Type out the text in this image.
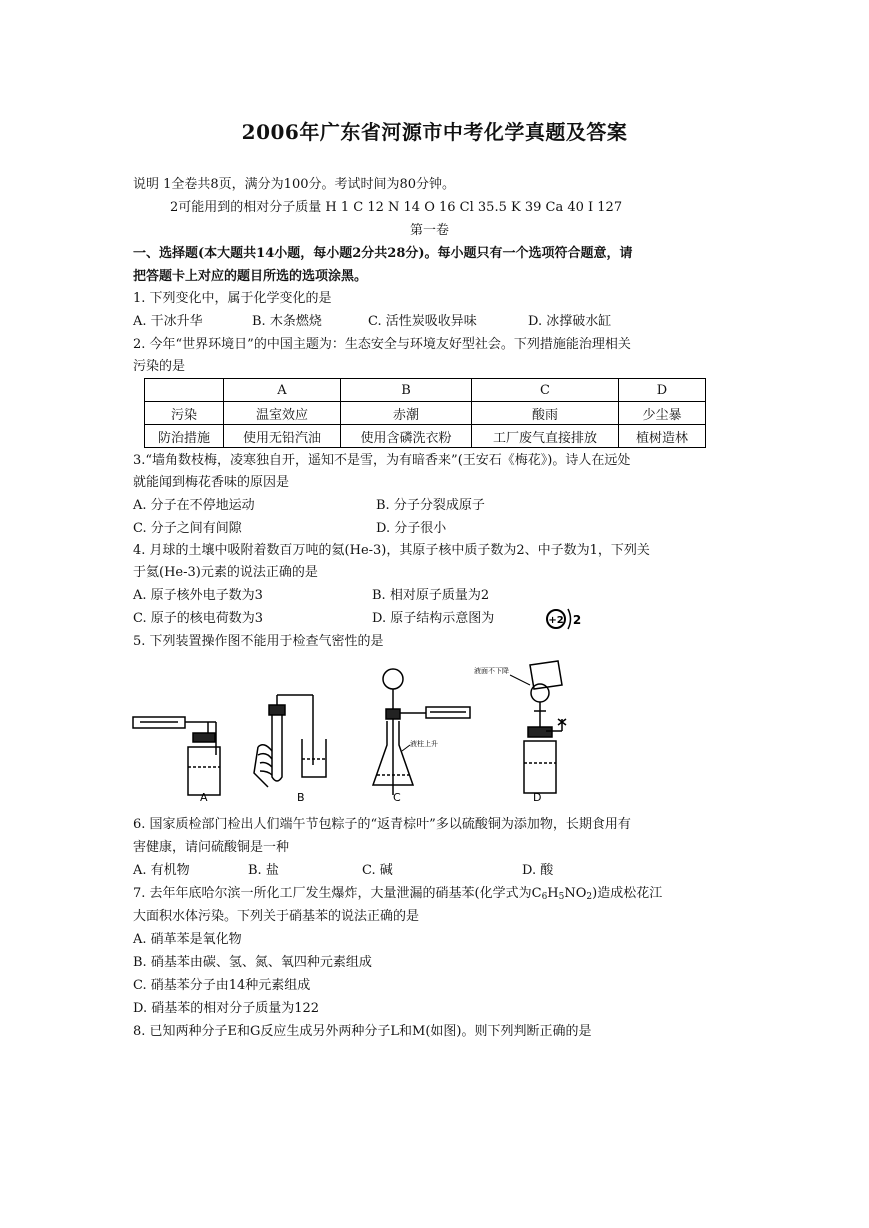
2006年广东省河源市中考化学真题及答案
说明 1全卷共8页，满分为100分。考试时间为80分钟。
2可能用到的相对分子质量 H 1 C 12 N 14 O 16 Cl 35.5 K 39 Ca 40 I 127
第一卷
一、选择题(本大题共14小题，每小题2分共28分)。每小题只有一个选项符合题意，请
把答题卡上对应的题目所选的选项涂黑。
1. 下列变化中，属于化学变化的是
A. 干冰升华	B. 木条燃烧	C. 活性炭吸收异味	D. 冰撑破水缸
2. 今年“世界环境日”的中国主题为：生态安全与环境友好型社会。下列措施能治理相关
污染的是
	A	B	C	D
污染	温室效应	赤潮	酸雨	少尘暴
防治措施	使用无铅汽油	使用含磷洗衣粉	工厂废气直接排放	植树造林
3.“墙角数枝梅，凌寒独自开，遥知不是雪，为有暗香来”(王安石《梅花》)。诗人在远处
就能闻到梅花香味的原因是
A. 分子在不停地运动	B. 分子分裂成原子
C. 分子之间有间隙	D. 分子很小
4. 月球的土壤中吸附着数百万吨的氦(He-3)，其原子核中质子数为2、中子数为1，下列关
于氦(He-3)元素的说法正确的是
A. 原子核外电子数为3	B. 相对原子质量为2
C. 原子的核电荷数为3	D. 原子结构示意图为	+2 2
5. 下列装置操作图不能用于检查气密性的是
A	B
液柱上升
C
液面不下降
D
6. 国家质检部门检出人们端午节包粽子的“返青棕叶”多以硫酸铜为添加物，长期食用有
害健康，请问硫酸铜是一种
A. 有机物	B. 盐	C. 碱	D. 酸
7. 去年年底哈尔滨一所化工厂发生爆炸，大量泄漏的硝基苯(化学式为$C_6H_5NO_2$)造成松花江
大面积水体污染。下列关于硝基苯的说法正确的是
A. 硝革苯是氧化物
B. 硝基苯由碳、氢、氮、氧四种元素组成
C. 硝基苯分子由14种元素组成
D. 硝基苯的相对分子质量为122
8. 已知两种分子E和G反应生成另外两种分子L和M(如图)。则下列判断正确的是
